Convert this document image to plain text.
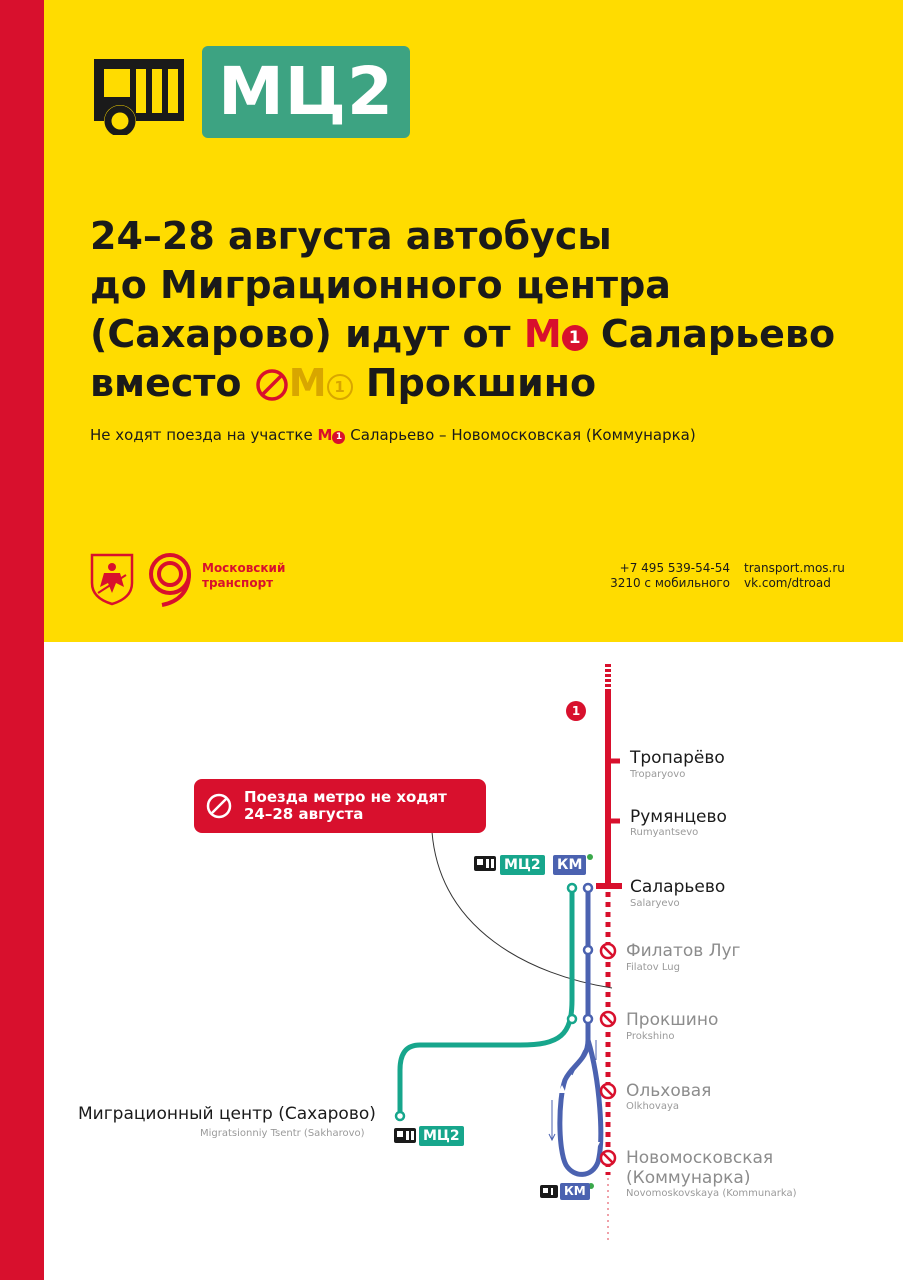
МЦ2
24–28 августа автобусы
до Миграционного центра
(Сахарово) идут от М 1 Саларьево
вместо М 1 Прокшино
Не ходят поезда на участке М 1 Саларьево – Новомосковская (Коммунарка)
Московский
транспорт
+7 495 539-54-54
3210 с мобильного
transport.mos.ru
vk.com/dtroad
1
Поезда метро не ходят
24–28 августа
МЦ2 КМ
МЦ2
КМ
Тропарёво
Troparyovo
Румянцево
Rumyantsevo
Саларьево
Salaryevo
Филатов Луг
Filatov Lug
Прокшино
Prokshino
Ольховая
Olkhovaya
Новомосковская
(Коммунарка)
Novomoskovskaya (Kommunarka)
Миграционный центр (Сахарово)
Migratsionniy Tsentr (Sakharovo)
